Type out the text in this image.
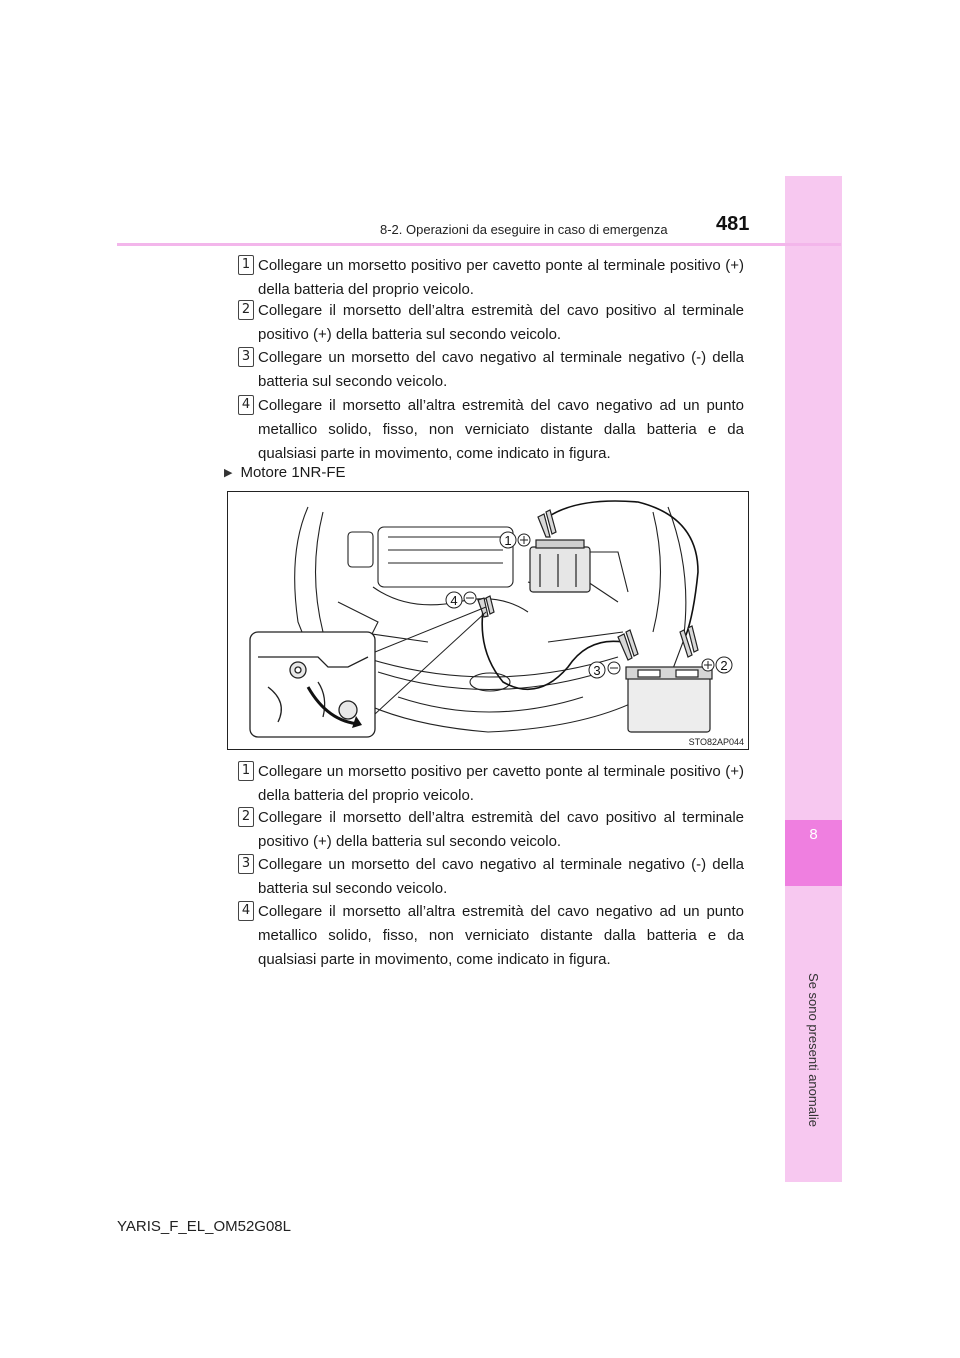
8
Se sono presenti anomalie
8-2. Operazioni da eseguire in caso di emergenza 481
1 Collegare un morsetto positivo per cavetto ponte al terminale positivo (+) della batteria del proprio veicolo.
2 Collegare il morsetto dell’altra estremità del cavo positivo al terminale positivo (+) della batteria sul secondo veicolo.
3 Collegare un morsetto del cavo negativo al terminale negativo (-) della batteria sul secondo veicolo.
4 Collegare il morsetto all’altra estremità del cavo negativo ad un punto metallico solido, fisso, non verniciato distante dalla batteria e da qualsiasi parte in movimento, come indicato in figura.
▶ Motore 1NR-FE
1
2
3
4
STO82AP044
1 Collegare un morsetto positivo per cavetto ponte al terminale positivo (+) della batteria del proprio veicolo.
2 Collegare il morsetto dell’altra estremità del cavo positivo al terminale positivo (+) della batteria sul secondo veicolo.
3 Collegare un morsetto del cavo negativo al terminale negativo (-) della batteria sul secondo veicolo.
4 Collegare il morsetto all’altra estremità del cavo negativo ad un punto metallico solido, fisso, non verniciato distante dalla batteria e da qualsiasi parte in movimento, come indicato in figura.
YARIS_F_EL_OM52G08L
